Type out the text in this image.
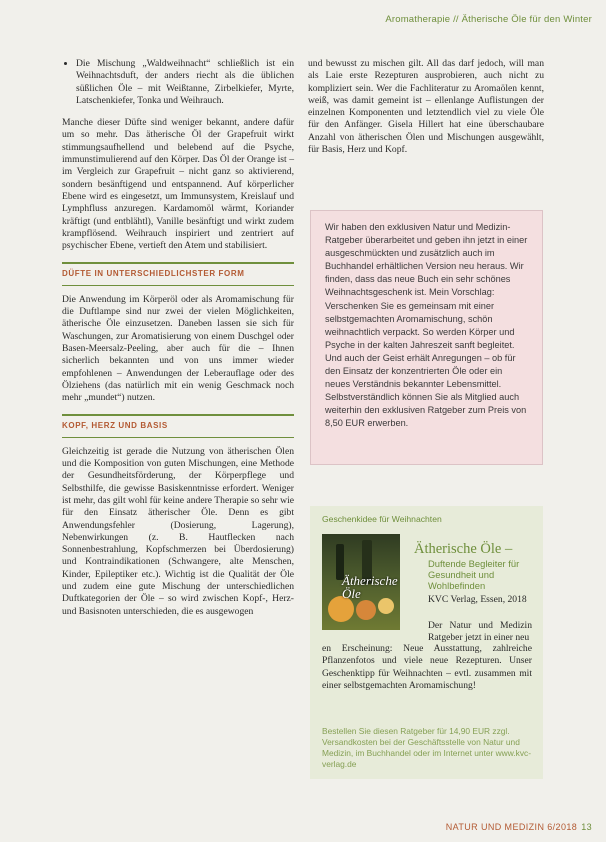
Aromatherapie // Ätherische Öle für den Winter
• Die Mischung „Waldweihnacht“ schließlich ist ein Weihnachtsduft, der anders riecht als die üblichen süßlichen Öle – mit Weißtanne, Zirbelkiefer, Myrte, Latschenkiefer, Tonka und Weihrauch.

Manche dieser Düfte sind weniger bekannt, andere dafür um so mehr. Das ätherische Öl der Grapefruit wirkt stimmungsaufhellend und belebend auf die Psyche, immunstimulierend auf den Körper. Das Öl der Orange ist – im Vergleich zur Grapefruit – nicht ganz so aktivierend, sondern besänftigend und entspannend. Auf körperlicher Ebene wird es eingesetzt, um Immunsystem, Kreislauf und Lymphfluss anzuregen. Kardamomöl wärmt, Koriander kräftigt (und entblähtl), Vanille besänftigt und wirkt zudem krampflösend. Weihrauch inspiriert und zentriert auf psychischer Ebene, vertieft den Atem und stabilisiert.

DÜFTE IN UNTERSCHIEDLICHSTER FORM

Die Anwendung im Körperöl oder als Aromamischung für die Duftlampe sind nur zwei der vielen Möglichkeiten, ätherische Öle einzusetzen. Daneben lassen sie sich für Waschungen, zur Aromatisierung von einem Duschgel oder Basen-Meersalz-Peeling, aber auch für die – Ihnen sicherlich bekannten und von uns immer wieder empfohlenen – Anwendungen der Leberauflage oder des Ölziehens (das natürlich mit ein wenig Geschmack noch mehr „mundet“) nutzen.

KOPF, HERZ UND BASIS

Gleichzeitig ist gerade die Nutzung von ätherischen Ölen und die Komposition von guten Mischungen, eine Methode der Gesundheitsförderung, der Körperpflege und Selbsthilfe, die gewisse Basiskenntnisse erfordert. Weniger ist mehr, das gilt wohl für keine andere Therapie so sehr wie für den Einsatz ätherischer Öle. Denn es gibt Anwendungsfehler (Dosierung, Lagerung), Nebenwirkungen (z. B. Hautflecken nach Sonnenbestrahlung, Kopfschmerzen bei Überdosierung) und Kontraindikationen (Schwangere, alte Menschen, Kinder, Epileptiker etc.). Wichtig ist die Qualität der Öle und zudem eine gute Mischung der unterschiedlichen Duftkategorien der Öle – so wird zwischen Kopf-, Herz- und Basisnoten unterschieden, die es ausgewogen

und bewusst zu mischen gilt. All das darf jedoch, will man als Laie erste Rezepturen ausprobieren, auch nicht zu kompliziert sein. Wer die Fachliteratur zu Aromaölen kennt, weiß, was damit gemeint ist – ellenlange Auflistungen der einzelnen Komponenten und letztendlich viel zu viele Öle für den Anfänger. Gisela Hillert hat eine überschaubare Anzahl von ätherischen Ölen und Mischungen ausgewählt, für Basis, Herz und Kopf.

Wir haben den exklusiven Natur und Medizin-Ratgeber überarbeitet und geben ihn jetzt in einer ausgeschmückten und zusätzlich auch im Buchhandel erhältlichen Version neu heraus. Wir finden, dass das neue Buch ein sehr schönes Weihnachtsgeschenk ist. Mein Vorschlag: Verschenken Sie es gemeinsam mit einer selbstgemachten Aromamischung, schön weihnachtlich verpackt. So werden Körper und Psyche in der kalten Jahreszeit sanft begleitet. Und auch der Geist erhält Anregungen – ob für den Einsatz der konzentrierten Öle oder ein neues Verständnis bekannter Lebensmittel. Selbstverständlich können Sie als Mitglied auch weiterhin den exklusiven Ratgeber zum Preis von 8,50 EUR erwerben.
Geschenkidee für Weihnachten
Ätherische Öle
Ätherische Öle –
Duftende Begleiter für Gesundheit und Wohlbefinden
KVC Verlag, Essen, 2018
Der Natur und Medizin Ratgeber jetzt in einer neu
en Erscheinung: Neue Ausstattung, zahlreiche Pflanzenfotos und viele neue Rezepturen. Unser Geschenktipp für Weihnachten – evtl. zusammen mit einer selbstgemachten Aromamischung!
Bestellen Sie diesen Ratgeber für 14,90 EUR zzgl. Versandkosten bei der Geschäftsstelle von Natur und Medizin, im Buchhandel oder im Internet unter www.kvc-verlag.de
NATUR UND MEDIZIN 6/2018 13
